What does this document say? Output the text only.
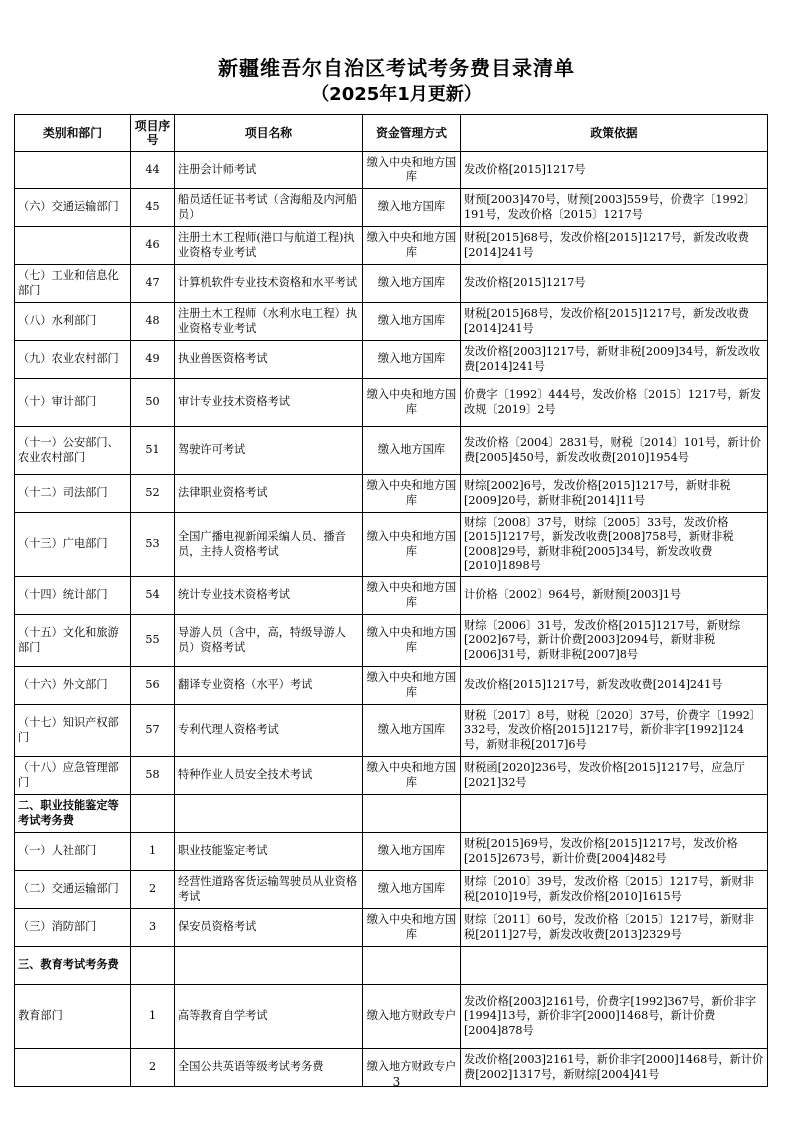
新疆维吾尔自治区考试考务费目录清单
（2025年1月更新）
类别和部门	项目序号	项目名称	资金管理方式	政策依据
	44	注册会计师考试	缴入中央和地方国库	发改价格[2015]1217号
（六）交通运输部门	45	船员适任证书考试（含海船及内河船员）	缴入地方国库	财预[2003]470号，财预[2003]559号，价费字〔1992〕191号，发改价格〔2015〕1217号
	46	注册土木工程师(港口与航道工程)执业资格专业考试	缴入中央和地方国库	财税[2015]68号，发改价格[2015]1217号，新发改收费[2014]241号
（七）工业和信息化部门	47	计算机软件专业技术资格和水平考试	缴入地方国库	发改价格[2015]1217号
（八）水利部门	48	注册土木工程师（水利水电工程）执业资格专业考试	缴入地方国库	财税[2015]68号，发改价格[2015]1217号，新发改收费[2014]241号
（九）农业农村部门	49	执业兽医资格考试	缴入地方国库	发改价格[2003]1217号，新财非税[2009]34号，新发改收费[2014]241号
（十）审计部门	50	审计专业技术资格考试	缴入中央和地方国库	价费字〔1992〕444号，发改价格〔2015〕1217号，新发改规〔2019〕2号
（十一）公安部门、农业农村部门	51	驾驶许可考试	缴入地方国库	发改价格〔2004〕2831号，财税〔2014〕101号，新计价费[2005]450号，新发改收费[2010]1954号
（十二）司法部门	52	法律职业资格考试	缴入中央和地方国库	财综[2002]6号，发改价格[2015]1217号，新财非税[2009]20号，新财非税[2014]11号
（十三）广电部门	53	全国广播电视新闻采编人员、播音员，主持人资格考试	缴入中央和地方国库	财综〔2008〕37号，财综〔2005〕33号，发改价格[2015]1217号，新发改收费[2008]758号，新财非税[2008]29号，新财非税[2005]34号，新发改收费[2010]1898号
（十四）统计部门	54	统计专业技术资格考试	缴入中央和地方国库	计价格〔2002〕964号，新财预[2003]1号
（十五）文化和旅游部门	55	导游人员（含中，高，特级导游人员）资格考试	缴入中央和地方国库	财综〔2006〕31号，发改价格[2015]1217号，新财综[2002]67号，新计价费[2003]2094号，新财非税[2006]31号，新财非税[2007]8号
（十六）外文部门	56	翻译专业资格（水平）考试	缴入中央和地方国库	发改价格[2015]1217号，新发改收费[2014]241号
（十七）知识产权部门	57	专利代理人资格考试	缴入地方国库	财税〔2017〕8号，财税〔2020〕37号，价费字〔1992〕332号，发改价格[2015]1217号，新价非字[1992]124号，新财非税[2017]6号
（十八）应急管理部门	58	特种作业人员安全技术考试	缴入中央和地方国库	财税函[2020]236号，发改价格[2015]1217号，应急厅[2021]32号
二、职业技能鉴定等考试考务费				
（一）人社部门	1	职业技能鉴定考试	缴入地方国库	财税[2015]69号，发改价格[2015]1217号，发改价格[2015]2673号，新计价费[2004]482号
（二）交通运输部门	2	经营性道路客货运输驾驶员从业资格考试	缴入地方国库	财综〔2010〕39号，发改价格〔2015〕1217号，新财非税[2010]19号，新发改价格[2010]1615号
（三）消防部门	3	保安员资格考试	缴入中央和地方国库	财综〔2011〕60号，发改价格〔2015〕1217号，新财非税[2011]27号，新发改收费[2013]2329号
三、教育考试考务费				
教育部门	1	高等教育自学考试	缴入地方财政专户	发改价格[2003]2161号，价费字[1992]367号，新价非字[1994]13号，新价非字[2000]1468号，新计价费[2004]878号
	2	全国公共英语等级考试考务费	缴入地方财政专户	发改价格[2003]2161号，新价非字[2000]1468号，新计价费[2002]1317号，新财综[2004]41号
3
